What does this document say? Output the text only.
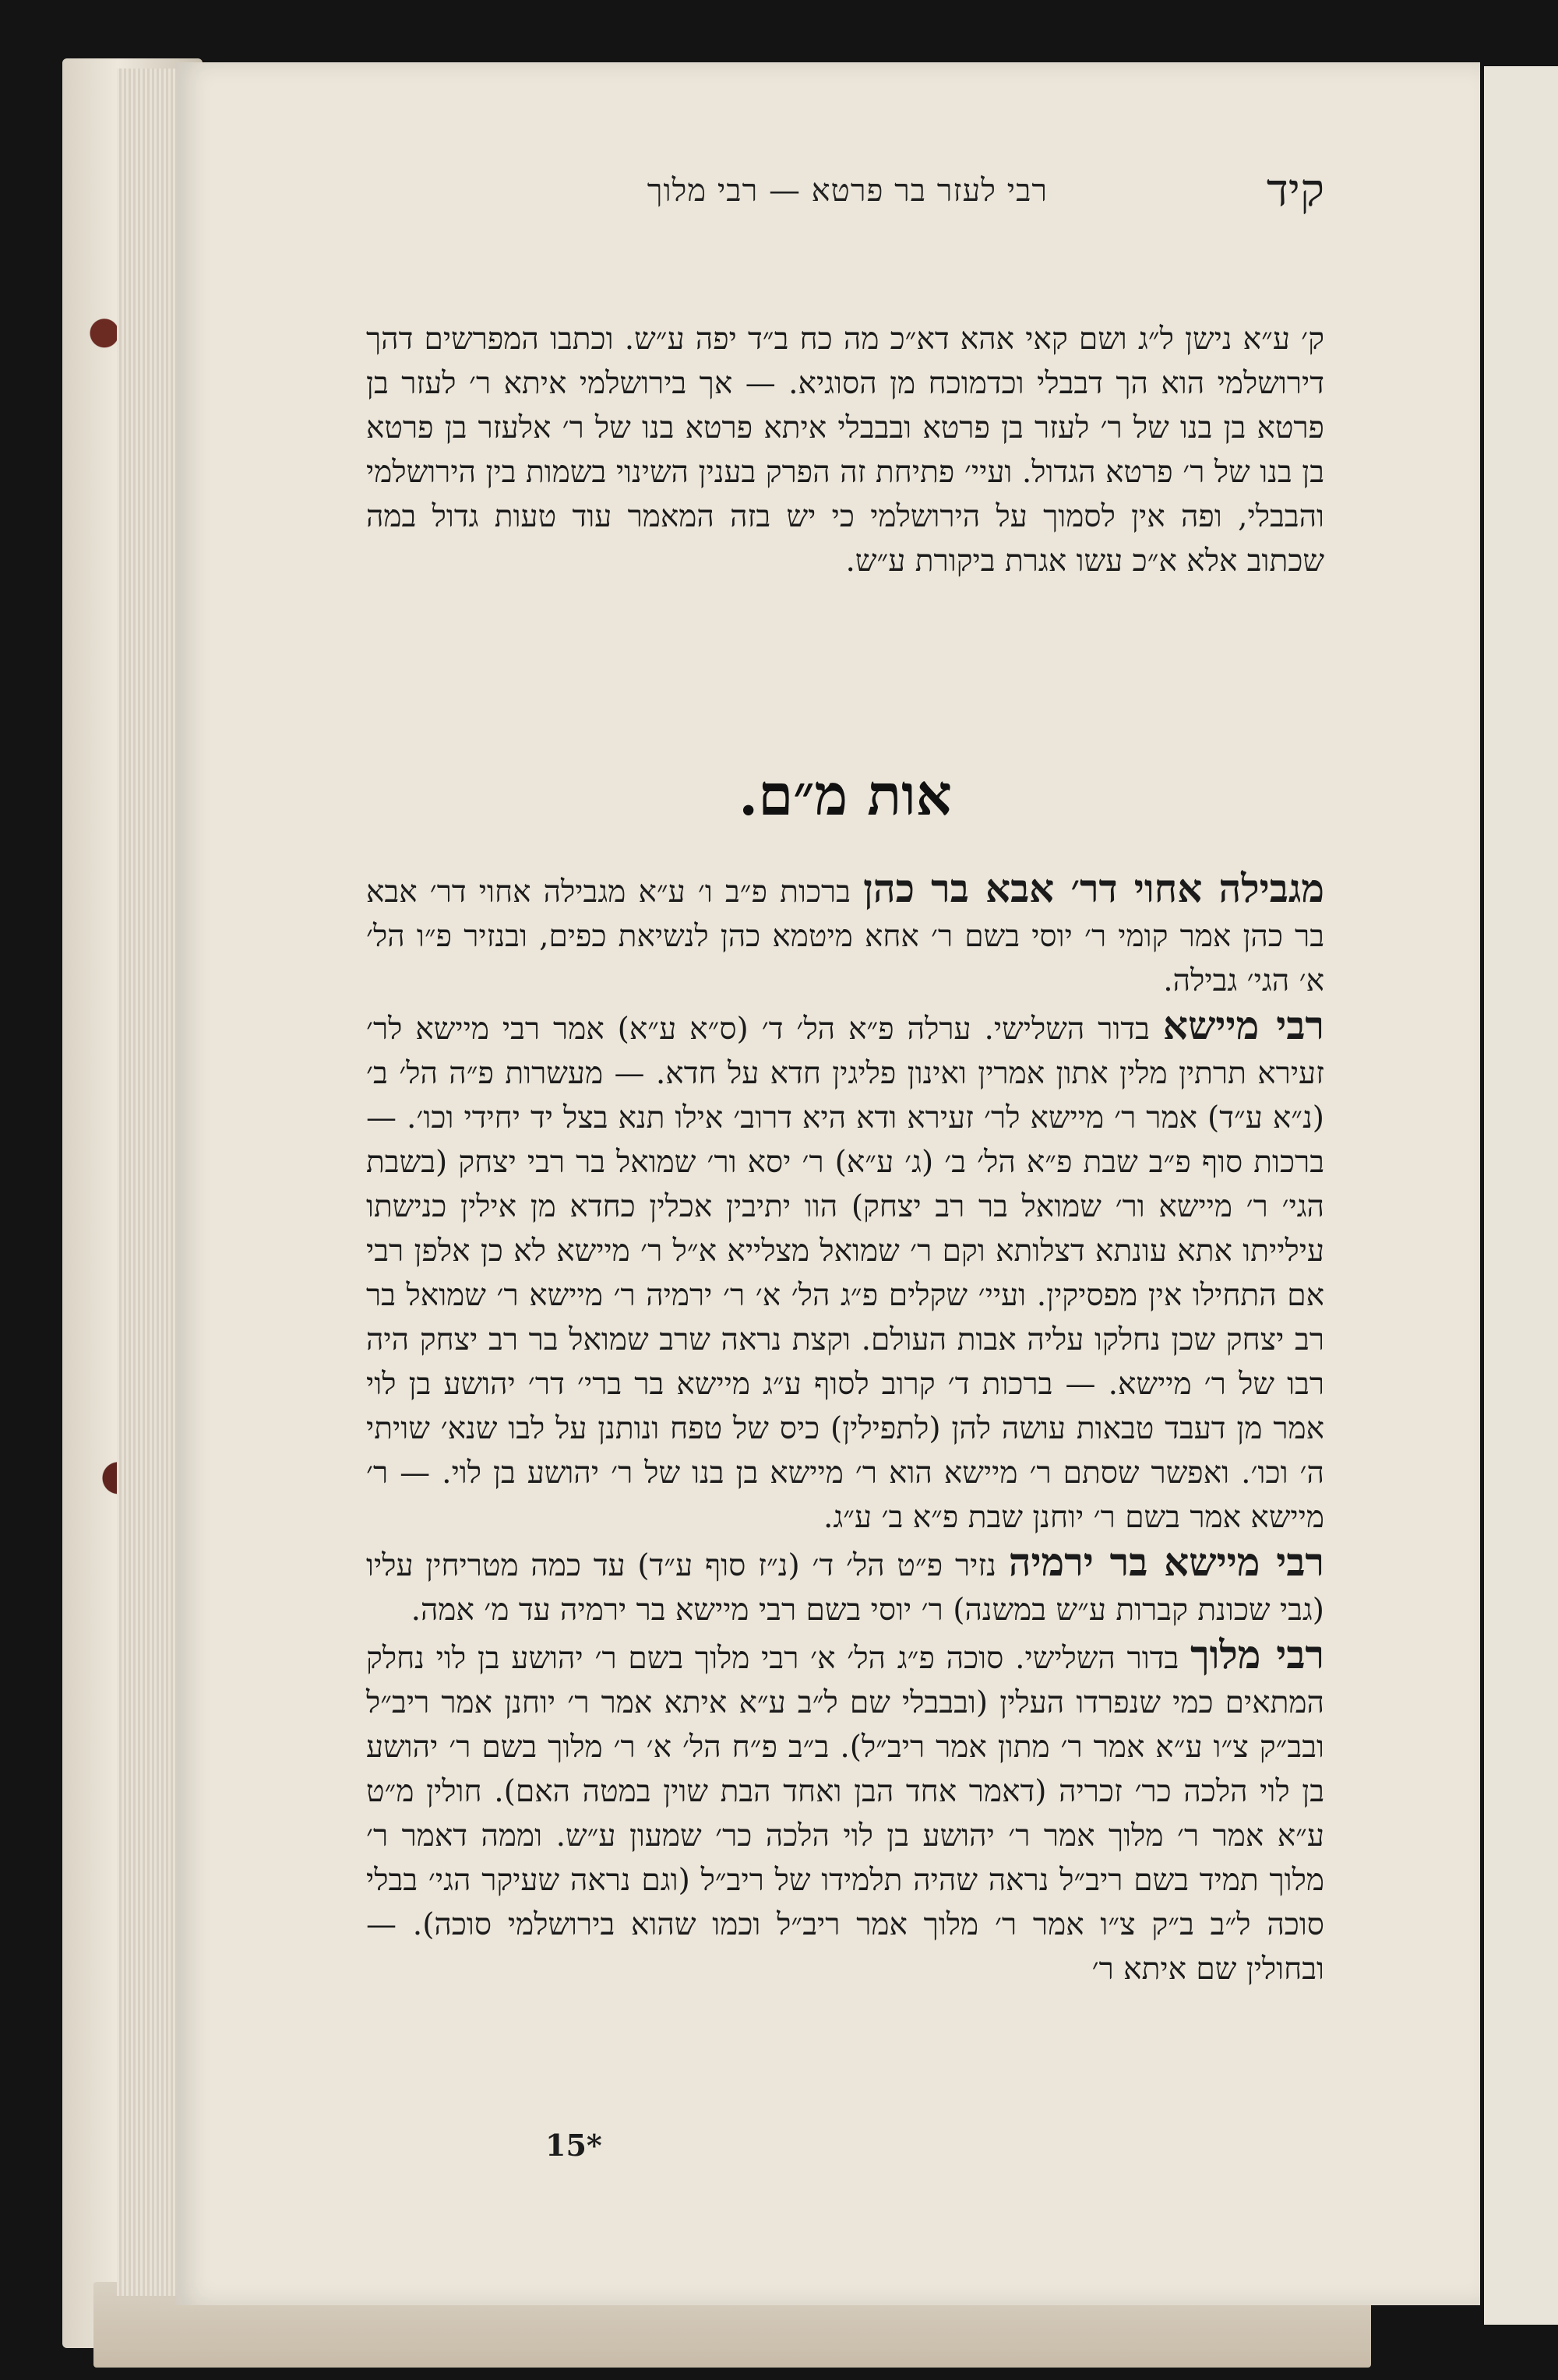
קיד
רבי לעזר בר פרטא — רבי מלוך
ק׳ ע״א נישן ל״ג ושם קאי אהא דא״כ מה כח ב״ד יפה ע״ש. וכתבו המפרשים דהך דירושלמי הוא הך דבבלי וכדמוכח מן הסוגיא. — אך בירושלמי איתא ר׳ לעזר בן פרטא בן בנו של ר׳ לעזר בן פרטא ובבבלי איתא פרטא בנו של ר׳ אלעזר בן פרטא בן בנו של ר׳ פרטא הגדול. ועיי׳ פתיחת זה הפרק בענין השינוי בשמות בין הירושלמי והבבלי, ופה אין לסמוך על הירושלמי כי יש בזה המאמר עוד טעות גדול במה שכתוב אלא א״כ עשו אגרת ביקורת ע״ש.
אות מ״ם.

מגבילה אחוי דר׳ אבא בר כהן ברכות פ״ב ו׳ ע״א מגבילה אחוי דר׳ אבא בר כהן אמר קומי ר׳ יוסי בשם ר׳ אחא מיטמא כהן לנשיאת כפים, ובנזיר פ״ו הל׳ א׳ הגי׳ גבילה.

רבי מיישא בדור השלישי. ערלה פ״א הל׳ ד׳ (ס״א ע״א) אמר רבי מיישא לר׳ זעירא תרתין מלין אתון אמרין ואינון פליגין חדא על חדא. — מעשרות פ״ה הל׳ ב׳ (נ״א ע״ד) אמר ר׳ מיישא לר׳ זעירא ודא היא דרוב׳ אילו תנא בצל יד יחידי וכו׳. — ברכות סוף פ״ב שבת פ״א הל׳ ב׳ (ג׳ ע״א) ר׳ יסא ור׳ שמואל בר רבי יצחק (בשבת הגי׳ ר׳ מיישא ור׳ שמואל בר רב יצחק) הוו יתיבין אכלין כחדא מן אילין כנישתו עילייתו אתא עונתא דצלותא וקם ר׳ שמואל מצלייא א״ל ר׳ מיישא לא כן אלפן רבי אם התחילו אין מפסיקין. ועיי׳ שקלים פ״ג הל׳ א׳ ר׳ ירמיה ר׳ מיישא ר׳ שמואל בר רב יצחק שכן נחלקו עליה אבות העולם. וקצת נראה שרב שמואל בר רב יצחק היה רבו של ר׳ מיישא. — ברכות ד׳ קרוב לסוף ע״ג מיישא בר ברי׳ דר׳ יהושע בן לוי אמר מן דעבד טבאות עושה להן (לתפילין) כיס של טפח ונותנן על לבו שנא׳ שויתי ה׳ וכו׳. ואפשר שסתם ר׳ מיישא הוא ר׳ מיישא בן בנו של ר׳ יהושע בן לוי. — ר׳ מיישא אמר בשם ר׳ יוחנן שבת פ״א ב׳ ע״ג.

רבי מיישא בר ירמיה נזיר פ״ט הל׳ ד׳ (נ״ז סוף ע״ד) עד כמה מטריחין עליו (גבי שכונת קברות ע״ש במשנה) ר׳ יוסי בשם רבי מיישא בר ירמיה עד מ׳ אמה.

רבי מלוך בדור השלישי. סוכה פ״ג הל׳ א׳ רבי מלוך בשם ר׳ יהושע בן לוי נחלק המתאים כמי שנפרדו העלין (ובבבלי שם ל״ב ע״א איתא אמר ר׳ יוחנן אמר ריב״ל ובב״ק צ״ו ע״א אמר ר׳ מתון אמר ריב״ל). ב״ב פ״ח הל׳ א׳ ר׳ מלוך בשם ר׳ יהושע בן לוי הלכה כר׳ זכריה (דאמר אחד הבן ואחד הבת שוין במטה האם). חולין מ״ט ע״א אמר ר׳ מלוך אמר ר׳ יהושע בן לוי הלכה כר׳ שמעון ע״ש. וממה דאמר ר׳ מלוך תמיד בשם ריב״ל נראה שהיה תלמידו של ריב״ל (וגם נראה שעיקר הגי׳ בבלי סוכה ל״ב ב״ק צ״ו אמר ר׳ מלוך אמר ריב״ל וכמו שהוא בירושלמי סוכה). — ובחולין שם איתא ר׳

15*
